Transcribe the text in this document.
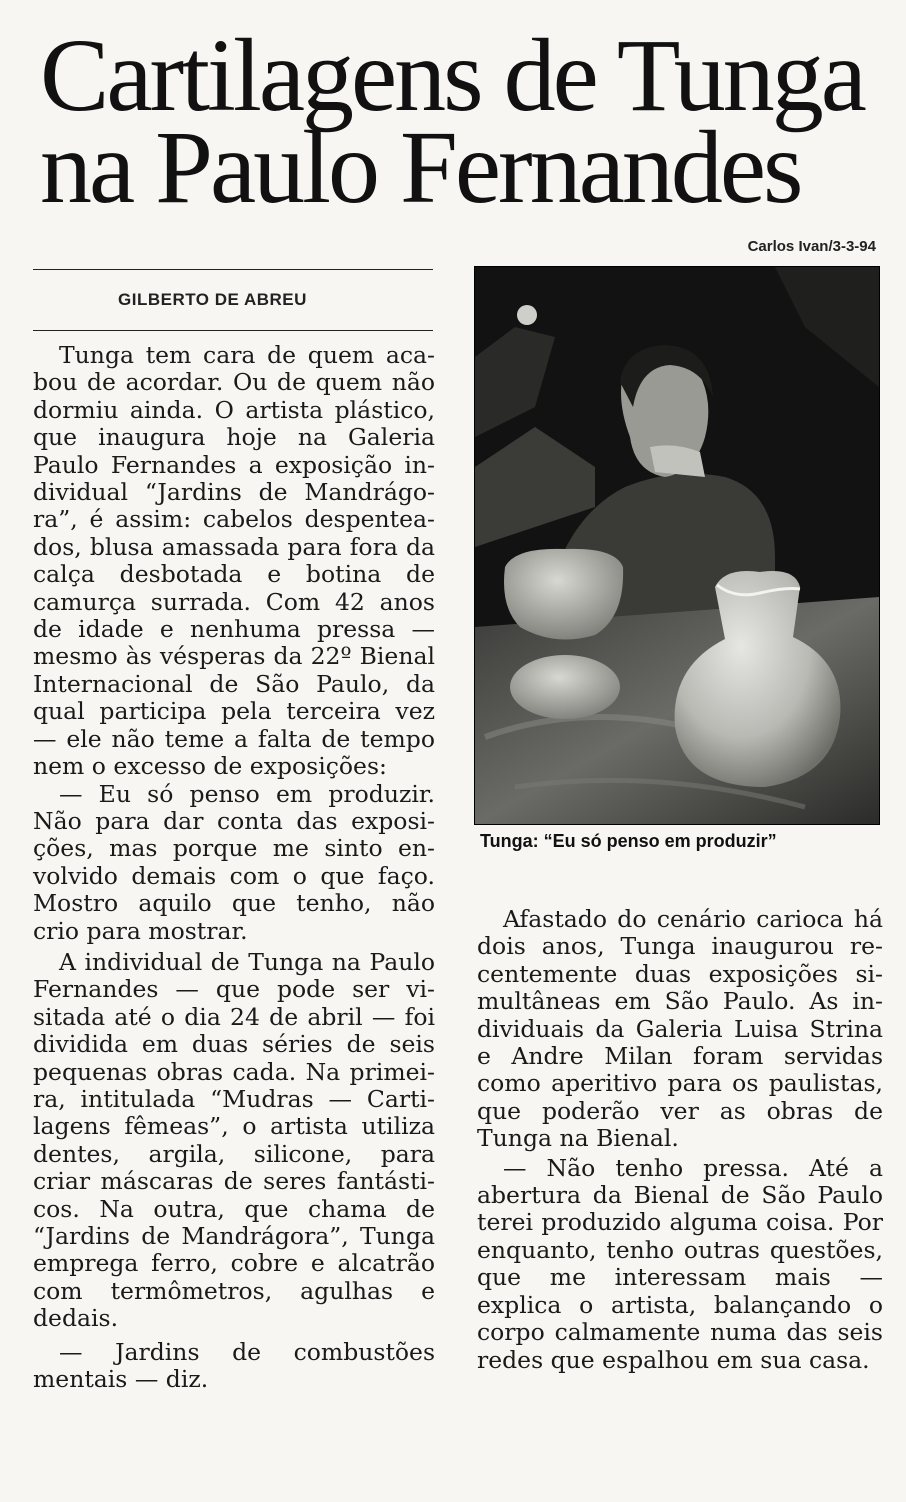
Cartilagens de Tunga
na Paulo Fernandes
Carlos Ivan/3-3-94
GILBERTO DE ABREU

Tunga tem cara de quem acabou de acordar. Ou de quem não dormiu ainda. O artista plástico, que inaugura hoje na Galeria Paulo Fernandes a exposição individual “Jardins de Mandrágora”, é assim: cabelos despenteados, blusa amassada para fora da calça desbotada e botina de camurça surrada. Com 42 anos de idade e nenhuma pressa — mesmo às vésperas da 22º Bienal Internacional de São Paulo, da qual participa pela terceira vez — ele não teme a falta de tempo nem o excesso de exposições:

— Eu só penso em produzir. Não para dar conta das exposições, mas porque me sinto envolvido demais com o que faço. Mostro aquilo que tenho, não crio para mostrar.

A individual de Tunga na Paulo Fernandes — que pode ser visitada até o dia 24 de abril — foi dividida em duas séries de seis pequenas obras cada. Na primeira, intitulada “Mudras — Cartilagens fêmeas”, o artista utiliza dentes, argila, silicone, para criar máscaras de seres fantásticos. Na outra, que chama de “Jardins de Mandrágora”, Tunga emprega ferro, cobre e alcatrão com termômetros, agulhas e dedais.

— Jardins de combustões mentais — diz.

Tunga: “Eu só penso em produzir”

Afastado do cenário carioca há dois anos, Tunga inaugurou recentemente duas exposições simultâneas em São Paulo. As individuais da Galeria Luisa Strina e Andre Milan foram servidas como aperitivo para os paulistas, que poderão ver as obras de Tunga na Bienal.

— Não tenho pressa. Até a abertura da Bienal de São Paulo terei produzido alguma coisa. Por enquanto, tenho outras questões, que me interessam mais — explica o artista, balançando o corpo calmamente numa das seis redes que espalhou em sua casa.
